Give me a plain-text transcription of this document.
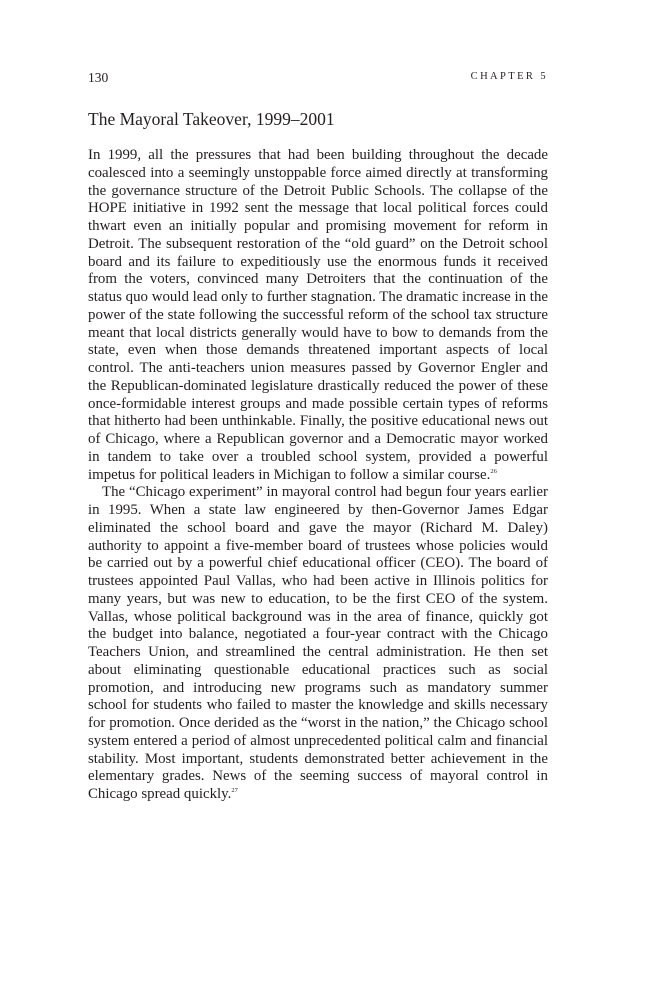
130	CHAPTER 5
The Mayoral Takeover, 1999–2001

In 1999, all the pressures that had been building throughout the decade coalesced into a seemingly unstoppable force aimed directly at transforming the governance structure of the Detroit Public Schools. The collapse of the HOPE initiative in 1992 sent the message that local political forces could thwart even an initially popular and promising movement for reform in Detroit. The subsequent restoration of the “old guard” on the Detroit school board and its failure to expeditiously use the enormous funds it received from the voters, convinced many Detroiters that the continuation of the status quo would lead only to further stagnation. The dramatic increase in the power of the state following the successful reform of the school tax structure meant that local districts generally would have to bow to demands from the state, even when those demands threatened important aspects of local control. The anti-teachers union measures passed by Governor Engler and the Republican-dominated legislature drastically reduced the power of these once-formidable interest groups and made possible certain types of reforms that hitherto had been unthinkable. Finally, the positive educational news out of Chicago, where a Republican governor and a Democratic mayor worked in tandem to take over a troubled school system, provided a powerful impetus for political leaders in Michigan to follow a similar course.$^{26}$

The “Chicago experiment” in mayoral control had begun four years earlier in 1995. When a state law engineered by then-Governor James Edgar eliminated the school board and gave the mayor (Richard M. Daley) authority to appoint a five-member board of trustees whose policies would be carried out by a powerful chief educational officer (CEO). The board of trustees appointed Paul Vallas, who had been active in Illinois politics for many years, but was new to education, to be the first CEO of the system. Vallas, whose political background was in the area of finance, quickly got the budget into balance, negotiated a four-year contract with the Chicago Teachers Union, and streamlined the central administration. He then set about eliminating questionable educational practices such as social promotion, and introducing new programs such as mandatory summer school for students who failed to master the knowledge and skills necessary for promotion. Once derided as the “worst in the nation,” the Chicago school system entered a period of almost unprecedented political calm and financial stability. Most important, students demonstrated better achievement in the elementary grades. News of the seeming success of mayoral control in Chicago spread quickly.$^{27}$
